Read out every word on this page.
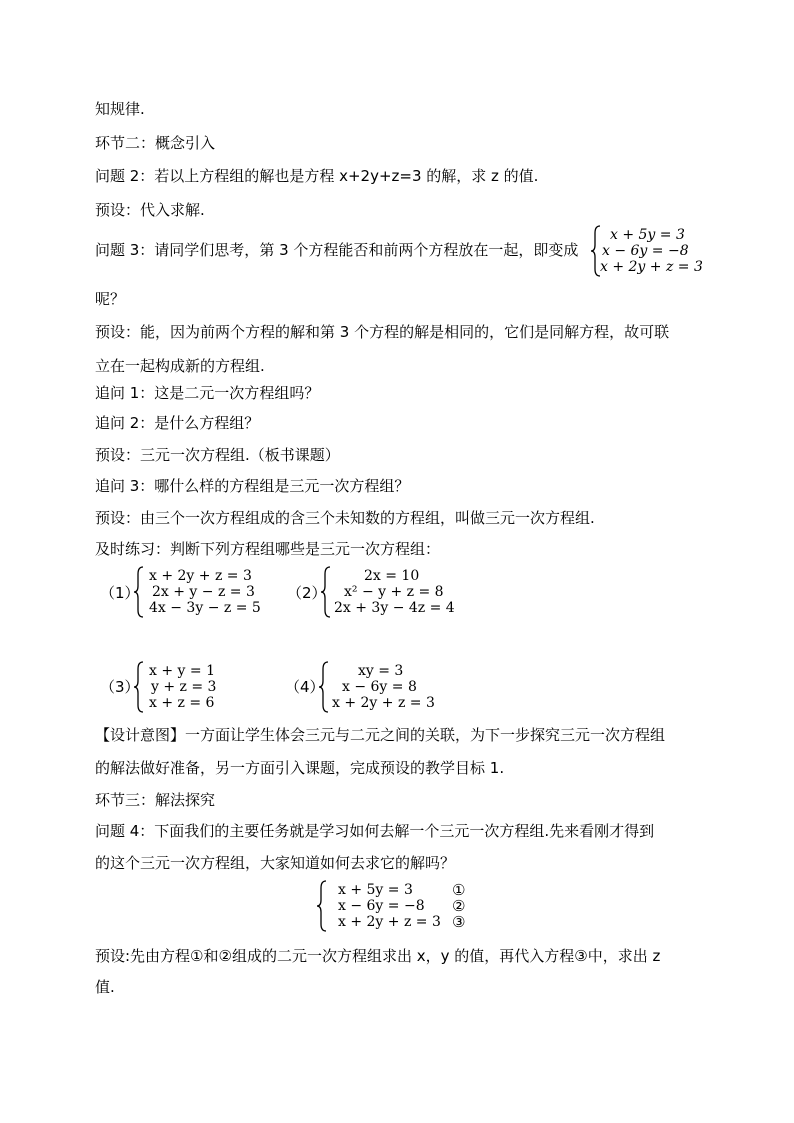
知规律.
环节二：概念引入
问题 2：若以上方程组的解也是方程 x+2y+z=3 的解，求 z 的值.
预设：代入求解.
问题 3：请同学们思考，第 3 个方程能否和前两个方程放在一起，即变成
x + 5y = 3
x − 6y = −8
x + 2y + z = 3
呢？
预设：能，因为前两个方程的解和第 3 个方程的解是相同的，它们是同解方程，故可联
立在一起构成新的方程组.
追问 1：这是二元一次方程组吗？
追问 2：是什么方程组？
预设：三元一次方程组.（板书课题）
追问 3：哪什么样的方程组是三元一次方程组？
预设：由三个一次方程组成的含三个未知数的方程组，叫做三元一次方程组.
及时练习：判断下列方程组哪些是三元一次方程组：
（1）
x + 2y + z = 3
2x + y − z = 3
4x − 3y − z = 5
（2）
2x = 10
x² − y + z = 8
2x + 3y − 4z = 4
（3）
x + y = 1
y + z = 3
x + z = 6
（4）
xy = 3
x − 6y = 8
x + 2y + z = 3
【设计意图】一方面让学生体会三元与二元之间的关联，为下一步探究三元一次方程组
的解法做好准备，另一方面引入课题，完成预设的教学目标 1.
环节三：解法探究
问题 4：下面我们的主要任务就是学习如何去解一个三元一次方程组.先来看刚才得到
的这个三元一次方程组，大家知道如何去求它的解吗？
x + 5y = 3
x − 6y = −8
x + 2y + z = 3
①
②
③
预设:先由方程①和②组成的二元一次方程组求出 x，y 的值，再代入方程③中，求出 z
值.
